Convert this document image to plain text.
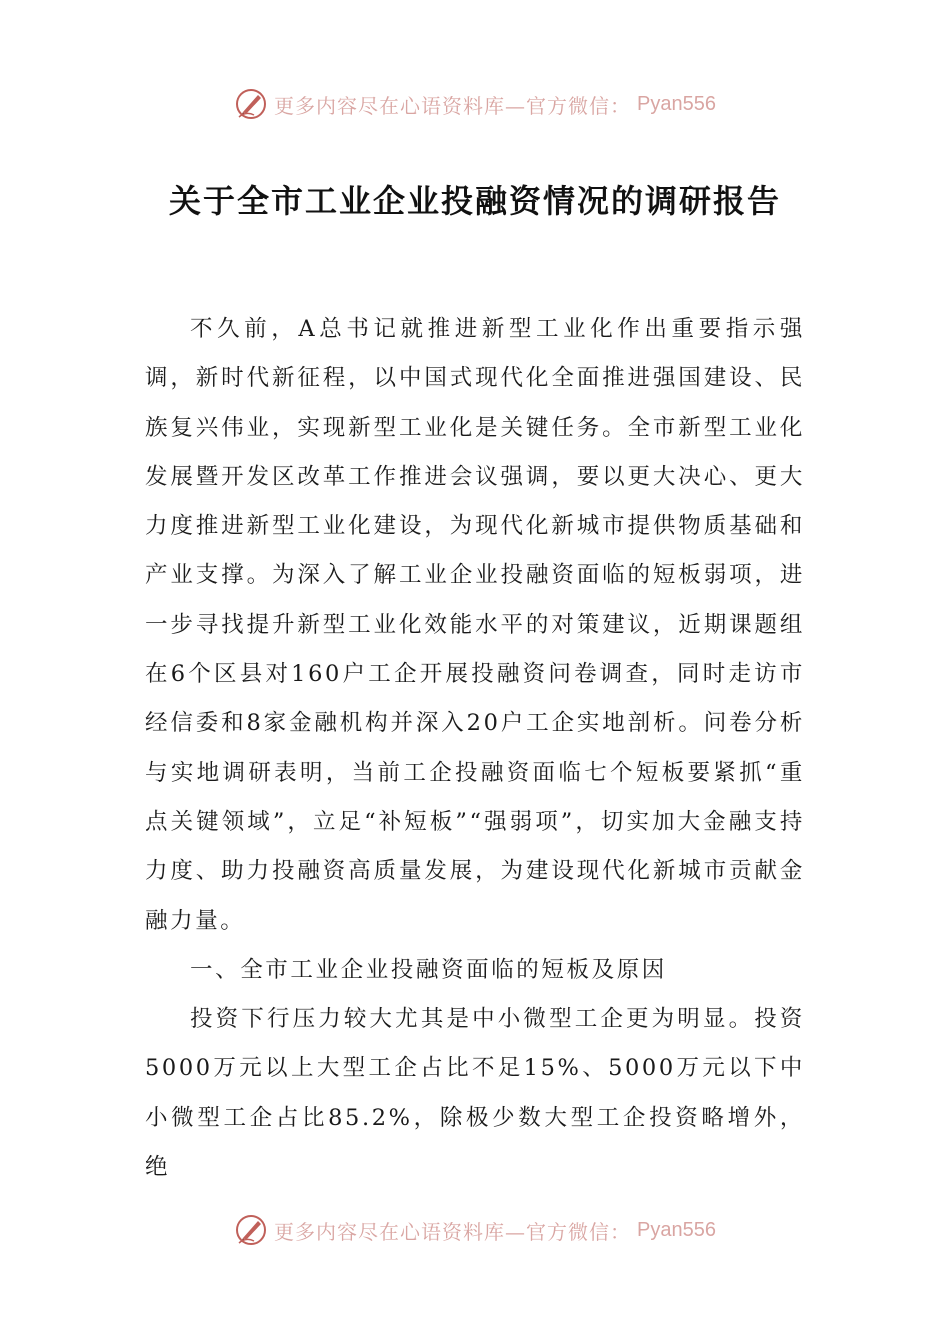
更多内容尽在心语资料库—官方微信： Pyan556
关于全市工业企业投融资情况的调研报告

不久前，A总书记就推进新型工业化作出重要指示强调，新时代新征程，以中国式现代化全面推进强国建设、民族复兴伟业，实现新型工业化是关键任务。全市新型工业化发展暨开发区改革工作推进会议强调，要以更大决心、更大力度推进新型工业化建设，为现代化新城市提供物质基础和产业支撑。为深入了解工业企业投融资面临的短板弱项，进一步寻找提升新型工业化效能水平的对策建议，近期课题组在6个区县对160户工企开展投融资问卷调查，同时走访市经信委和8家金融机构并深入20户工企实地剖析。问卷分析与实地调研表明，当前工企投融资面临七个短板要紧抓“重点关键领域”，立足“补短板”“强弱项”，切实加大金融支持力度、助力投融资高质量发展，为建设现代化新城市贡献金融力量。

一、全市工业企业投融资面临的短板及原因

投资下行压力较大尤其是中小微型工企更为明显。投资5000万元以上大型工企占比不足15%、5000万元以下中小微型工企占比85.2%，除极少数大型工企投资略增外，绝

更多内容尽在心语资料库—官方微信： Pyan556
